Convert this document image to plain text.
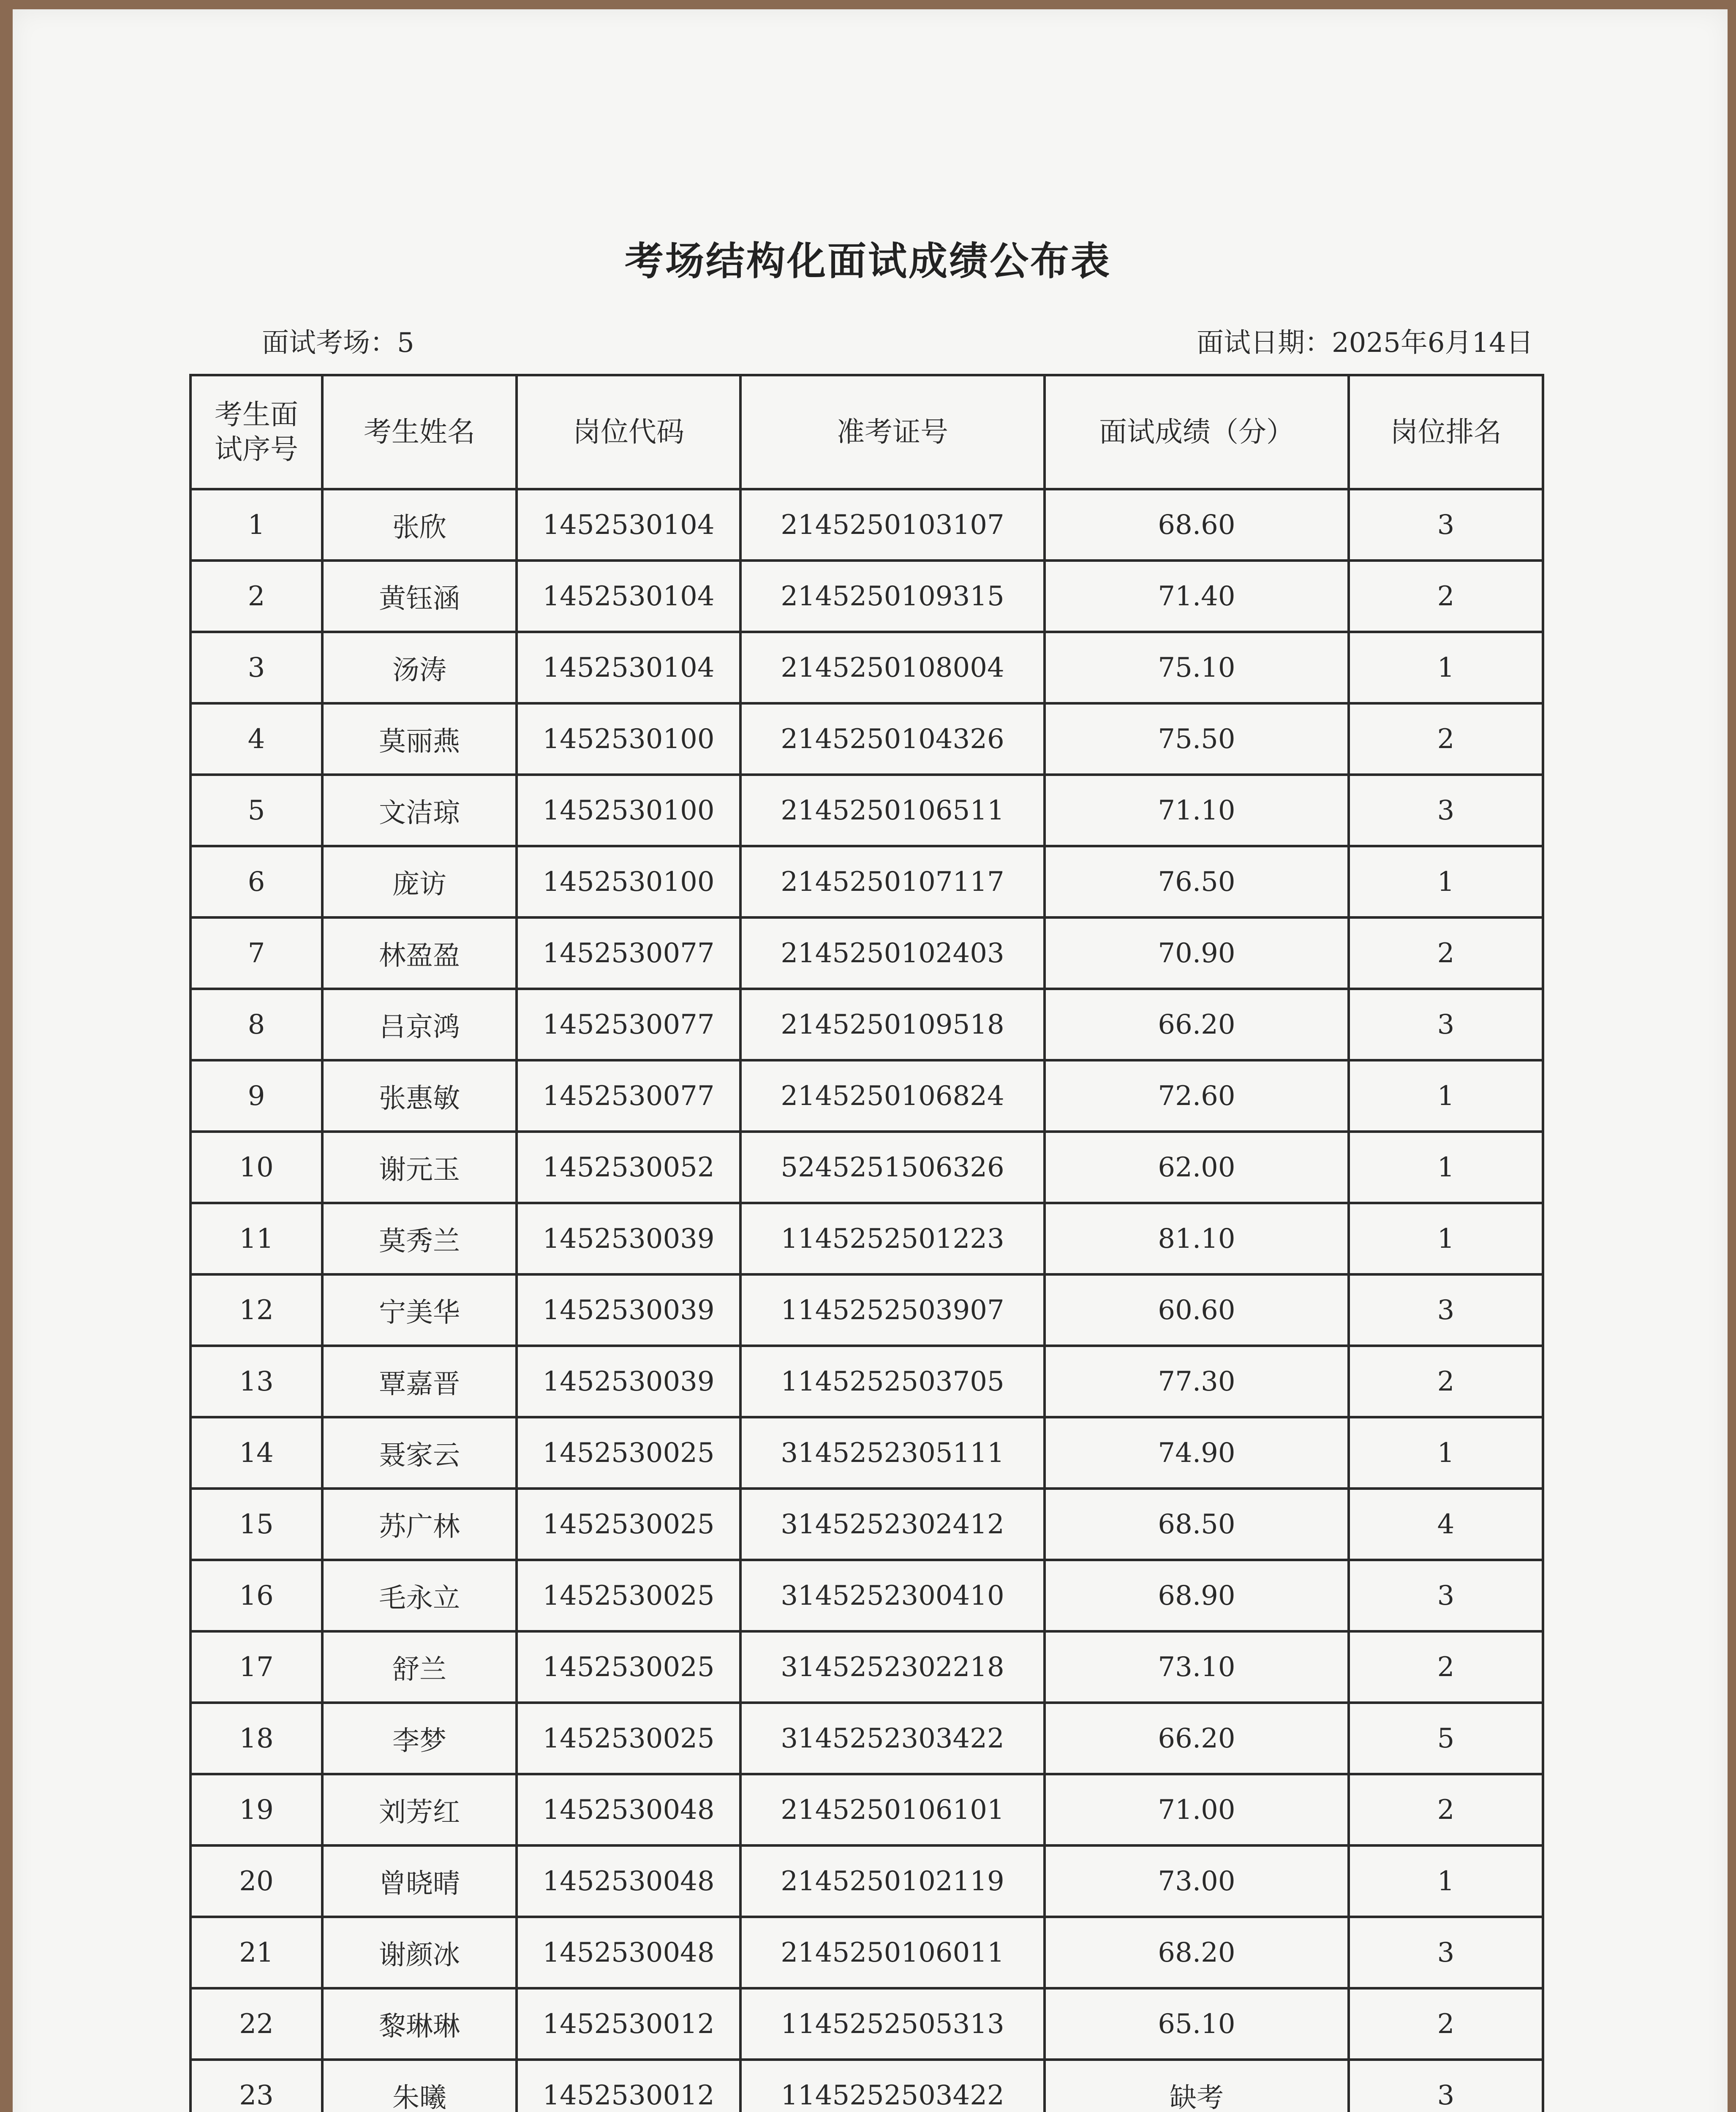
考场结构化面试成绩公布表
面试考场：5	面试日期：2025年6月14日
考生面试序号	考生姓名	岗位代码	准考证号	面试成绩（分）	岗位排名
1	张欣	1452530104	2145250103107	68.60	3
2	黄钰涵	1452530104	2145250109315	71.40	2
3	汤涛	1452530104	2145250108004	75.10	1
4	莫丽燕	1452530100	2145250104326	75.50	2
5	文洁琼	1452530100	2145250106511	71.10	3
6	庞访	1452530100	2145250107117	76.50	1
7	林盈盈	1452530077	2145250102403	70.90	2
8	吕京鸿	1452530077	2145250109518	66.20	3
9	张惠敏	1452530077	2145250106824	72.60	1
10	谢元玉	1452530052	5245251506326	62.00	1
11	莫秀兰	1452530039	1145252501223	81.10	1
12	宁美华	1452530039	1145252503907	60.60	3
13	覃嘉晋	1452530039	1145252503705	77.30	2
14	聂家云	1452530025	3145252305111	74.90	1
15	苏广林	1452530025	3145252302412	68.50	4
16	毛永立	1452530025	3145252300410	68.90	3
17	舒兰	1452530025	3145252302218	73.10	2
18	李梦	1452530025	3145252303422	66.20	5
19	刘芳红	1452530048	2145250106101	71.00	2
20	曾晓晴	1452530048	2145250102119	73.00	1
21	谢颜冰	1452530048	2145250106011	68.20	3
22	黎琳琳	1452530012	1145252505313	65.10	2
23	朱曦	1452530012	1145252503422	缺考	3
